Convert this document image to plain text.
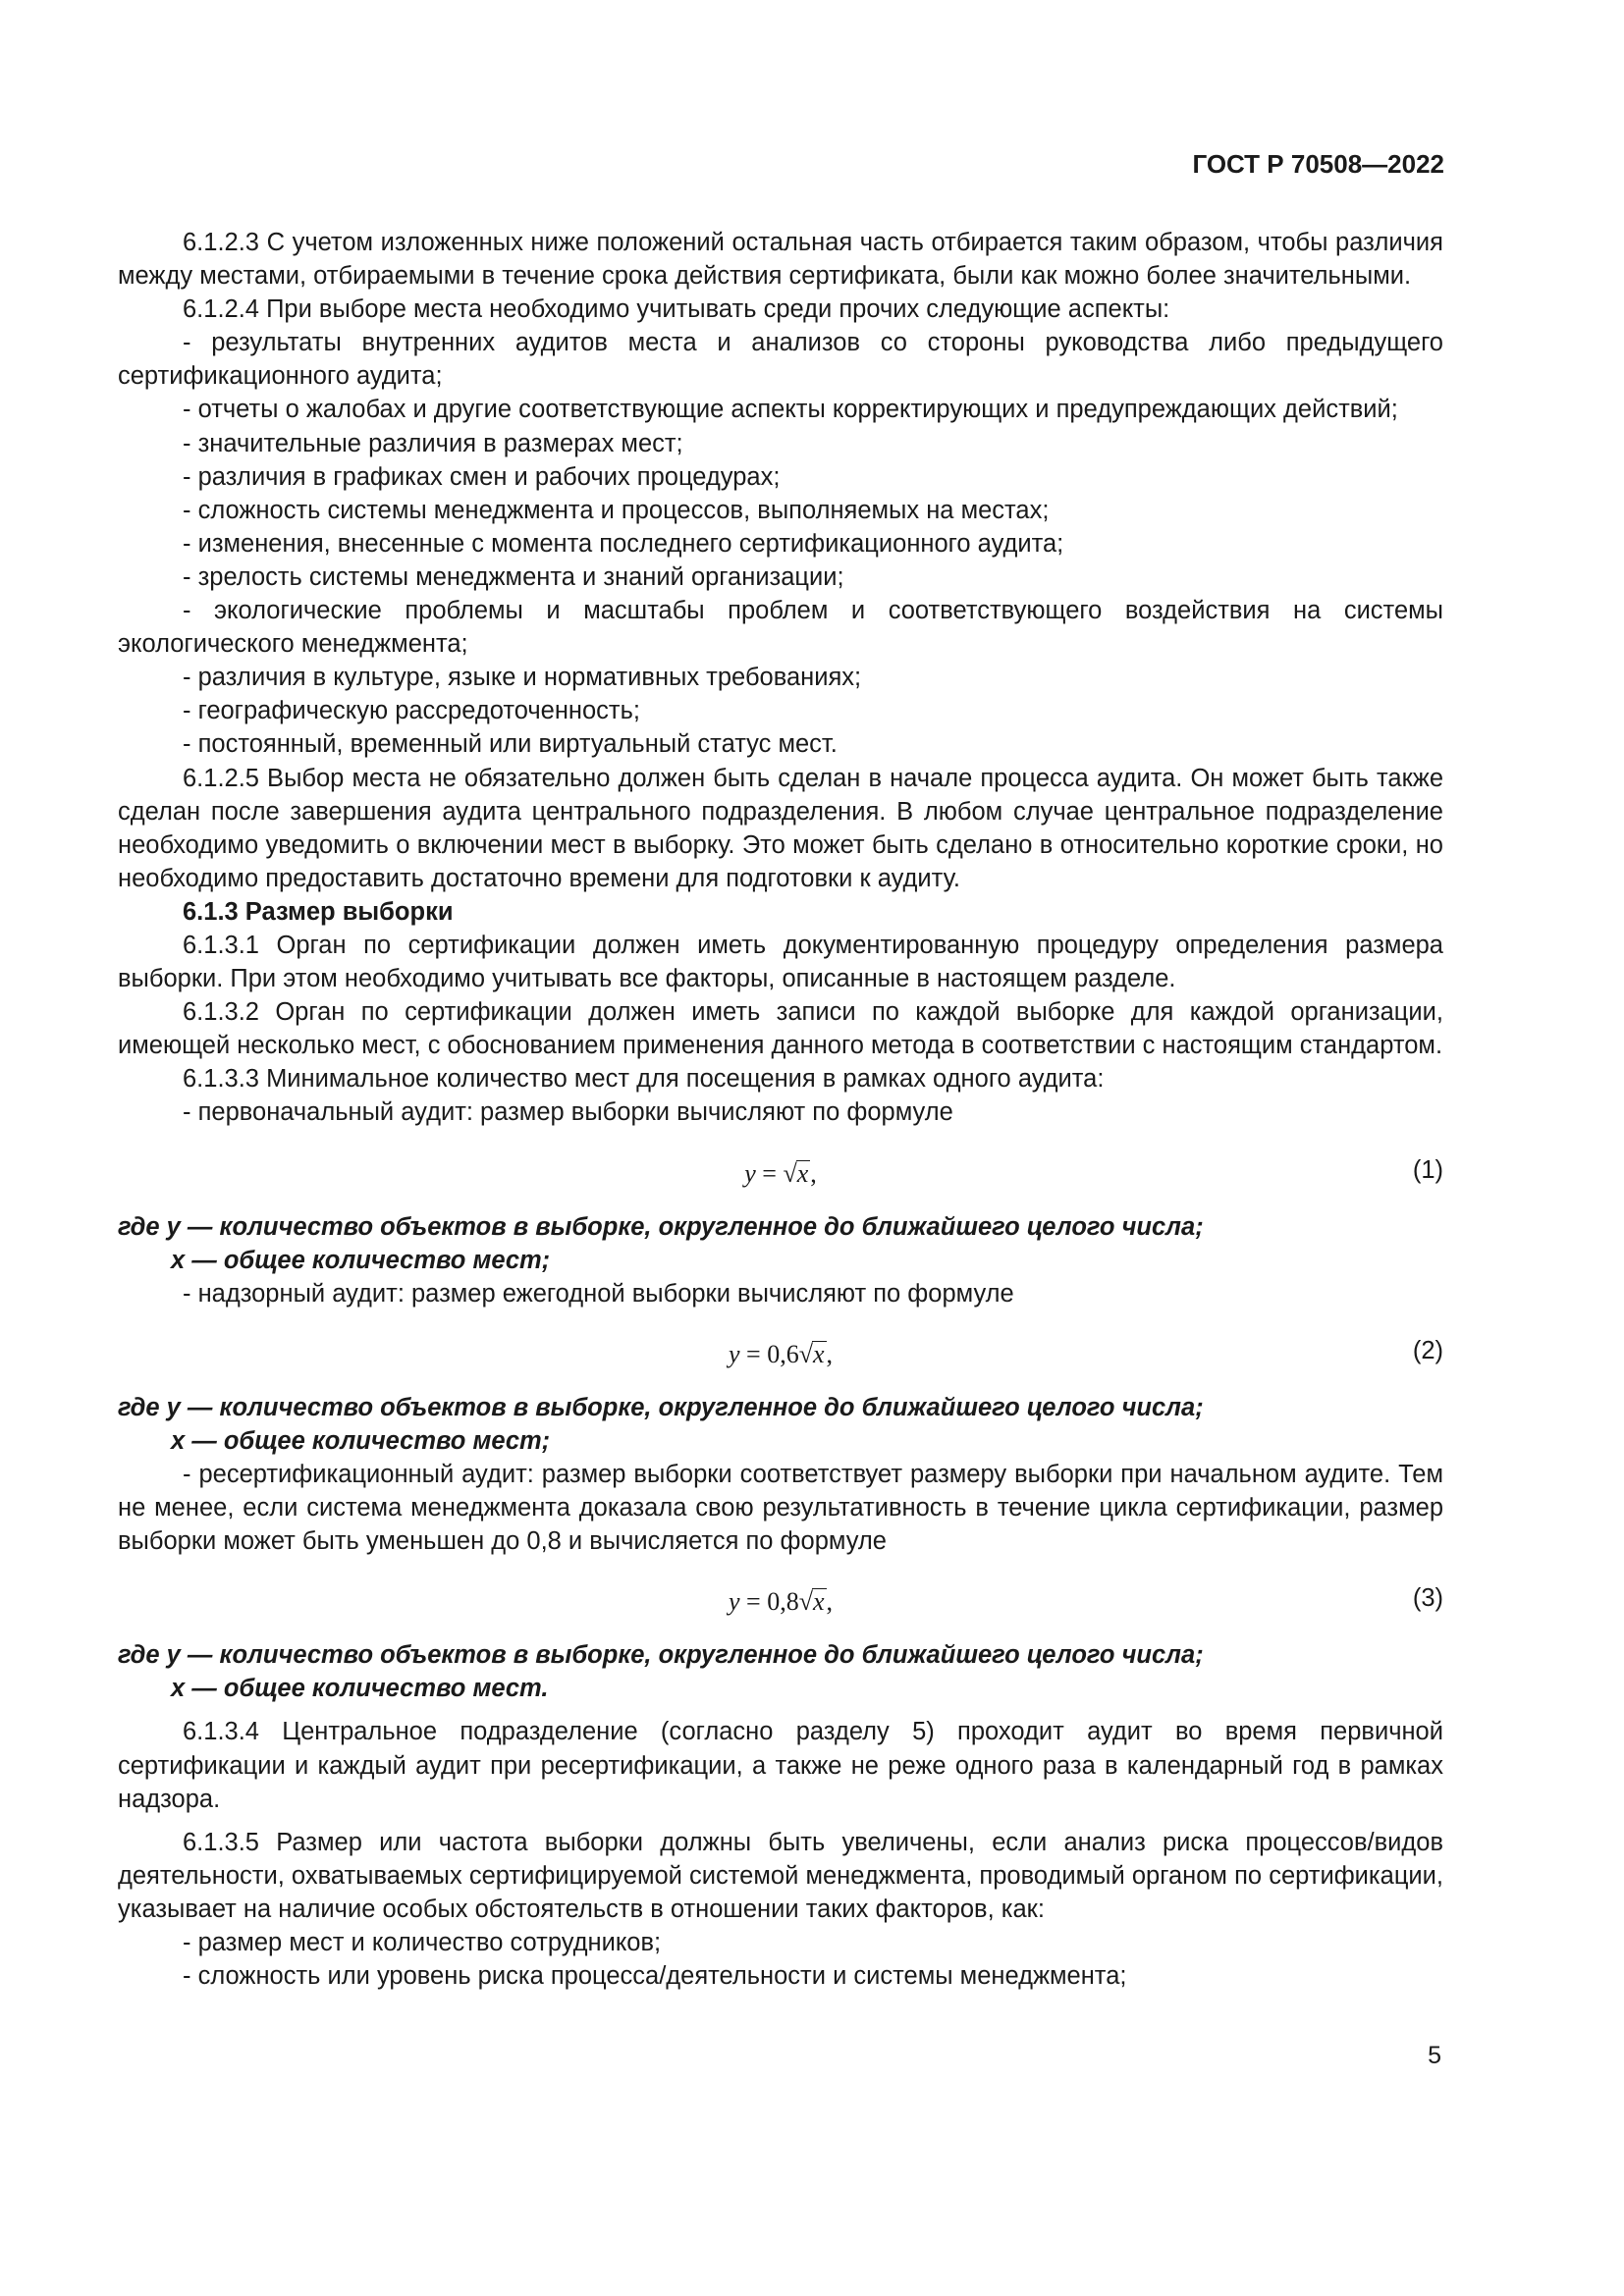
ГОСТ Р 70508—2022

6.1.2.3 С учетом изложенных ниже положений остальная часть отбирается таким образом, чтобы различия между местами, отбираемыми в течение срока действия сертификата, были как можно более значительными.

6.1.2.4 При выборе места необходимо учитывать среди прочих следующие аспекты:

- результаты внутренних аудитов места и анализов со стороны руководства либо предыдущего сертификационного аудита;

- отчеты о жалобах и другие соответствующие аспекты корректирующих и предупреждающих действий;

- значительные различия в размерах мест;

- различия в графиках смен и рабочих процедурах;

- сложность системы менеджмента и процессов, выполняемых на местах;

- изменения, внесенные с момента последнего сертификационного аудита;

- зрелость системы менеджмента и знаний организации;

- экологические проблемы и масштабы проблем и соответствующего воздействия на системы экологического менеджмента;

- различия в культуре, языке и нормативных требованиях;

- географическую рассредоточенность;

- постоянный, временный или виртуальный статус мест.

6.1.2.5 Выбор места не обязательно должен быть сделан в начале процесса аудита. Он может быть также сделан после завершения аудита центрального подразделения. В любом случае центральное подразделение необходимо уведомить о включении мест в выборку. Это может быть сделано в относительно короткие сроки, но необходимо предоставить достаточно времени для подготовки к аудиту.

6.1.3 Размер выборки

6.1.3.1 Орган по сертификации должен иметь документированную процедуру определения размера выборки. При этом необходимо учитывать все факторы, описанные в настоящем разделе.

6.1.3.2 Орган по сертификации должен иметь записи по каждой выборке для каждой организации, имеющей несколько мест, с обоснованием применения данного метода в соответствии с настоящим стандартом.

6.1.3.3 Минимальное количество мест для посещения в рамках одного аудита:

- первоначальный аудит: размер выборки вычисляют по формуле

y = √x,	(1)

где y — количество объектов в выборке, округленное до ближайшего целого числа;

x — общее количество мест;

- надзорный аудит: размер ежегодной выборки вычисляют по формуле

y = 0,6√x,	(2)

где y — количество объектов в выборке, округленное до ближайшего целого числа;

x — общее количество мест;

- ресертификационный аудит: размер выборки соответствует размеру выборки при начальном аудите. Тем не менее, если система менеджмента доказала свою результативность в течение цикла сертификации, размер выборки может быть уменьшен до 0,8 и вычисляется по формуле

y = 0,8√x,	(3)

где y — количество объектов в выборке, округленное до ближайшего целого числа;

x — общее количество мест.

6.1.3.4 Центральное подразделение (согласно разделу 5) проходит аудит во время первичной сертификации и каждый аудит при ресертификации, а также не реже одного раза в календарный год в рамках надзора.

6.1.3.5 Размер или частота выборки должны быть увеличены, если анализ риска процессов/видов деятельности, охватываемых сертифицируемой системой менеджмента, проводимый органом по сертификации, указывает на наличие особых обстоятельств в отношении таких факторов, как:

- размер мест и количество сотрудников;

- сложность или уровень риска процесса/деятельности и системы менеджмента;

5
